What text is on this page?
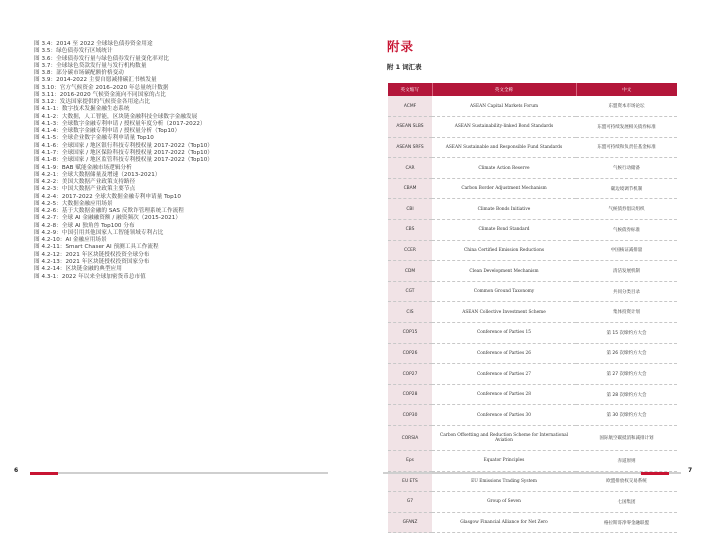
图 3.4：2014 至 2022 全球绿色债券资金用途
图 3.5：绿色债券发行区域统计
图 3.6：全球债券发行量与绿色债券发行量变化率对比
图 3.7：全球绿色贷款发行量与发行机构数量
图 3.8：部分碳市场碳配额价格变动
图 3.9：2014-2022 主要自愿减排碳汇书核发量
图 3.10：官方气候资金 2016–2020 年总量统计数据
图 3.11：2016-2020 气候资金流向不同国家的占比
图 3.12：发达国家提供的气候资金各用途占比
图 4.1-1：数字技术发掘金融生态系统
图 4.1-2：大数据，人工智能，区块链金融科技全球数字金融发展
图 4.1-3：全球数字金融专利申请 / 授权量年度分析（2017-2022）
图 4.1-4：全球数字金融专利申请 / 授权量分析（Top10）
图 4.1-5：全球企业数字金融专利申请量 Top10
图 4.1-6：全球国家 / 地区银行科技专利授权量 2017-2022（Top10）
图 4.1-7：全球国家 / 地区保险科技专利授权量 2017-2022（Top10）
图 4.1-8：全球国家 / 地区监管科技专利授权量 2017-2022（Top10）
图 4.1-9：BAB 赋能金融市场逻辑分析
图 4.2-1：全球大数据储量及增速（2013-2021）
图 4.2-2：美国大数据产业政策支持路径
图 4.2-3：中国大数据产业政策主要节点
图 4.2-4：2017-2022 全球大数据金融专利申请量 Top10
图 4.2-5：大数据金融应用场景
图 4.2-6：基于大数据金融的 SAS 反欺诈管理系统工作流程
图 4.2-7：全球 AI 金融融资额 / 融资频次（2015-2021）
图 4.2-8：全球 AI 独角兽 Top100 分布
图 4.2-9：中国引用其他国家人工智能领域专利占比
图 4.2-10：AI 金融应用场景
图 4.2-11：Smart Chaser AI 预测工具工作流程
图 4.2-12：2021 年区块链授权投资全球分布
图 4.2-13：2021 年区块链授权投资国家分布
图 4.2-14：区块链金融的典型应用
图 4.3-1：2022 年以来全球加密货币总市值
6
附录
附 1 词汇表
英文缩写	英文全称	中文
ACMF	ASEAN Capital Markets Forum	东盟资本市场论坛
ASEAN SLBS	ASEAN Sustainability-linked Bond Standards	东盟可持续发展相关债券标准
ASEAN SRFS	ASEAN Sustainable and Responsible Fund Standards	东盟可持续和负责任基金标准
CAR	Climate Action Reserve	气候行动储备
CBAM	Carbon Border Adjustment Mechanism	碳边境调节机制
CBI	Climate Bonds Initiative	气候债券倡议组织
CBS	Climate Bond Standard	气候债券标准
CCER	China Certified Emission Reductions	中国核证减排量
CDM	Clean Development Mechanism	清洁发展机制
CGT	Common Ground Taxonomy	共同分类目录
CIS	ASEAN Collective Investment Scheme	集体投资计划
COP15	Conference of Parties 15	第 15 次缔约方大会
COP26	Conference of Parties 26	第 26 次缔约方大会
COP27	Conference of Parties 27	第 27 次缔约方大会
COP28	Conference of Parties 28	第 28 次缔约方大会
COP30	Conference of Parties 30	第 30 次缔约方大会
CORSIA	Carbon Offsetting and Reduction Scheme for International Aviation	国际航空碳抵消和减排计划
Eps	Equator Principles	赤道原则
EU ETS	EU Emissions Trading System	欧盟排放权交易系统
G7	Group of Seven	七国集团
GFANZ	Glasgow Financial Alliance for Net Zero	格拉斯哥净零金融联盟
7
